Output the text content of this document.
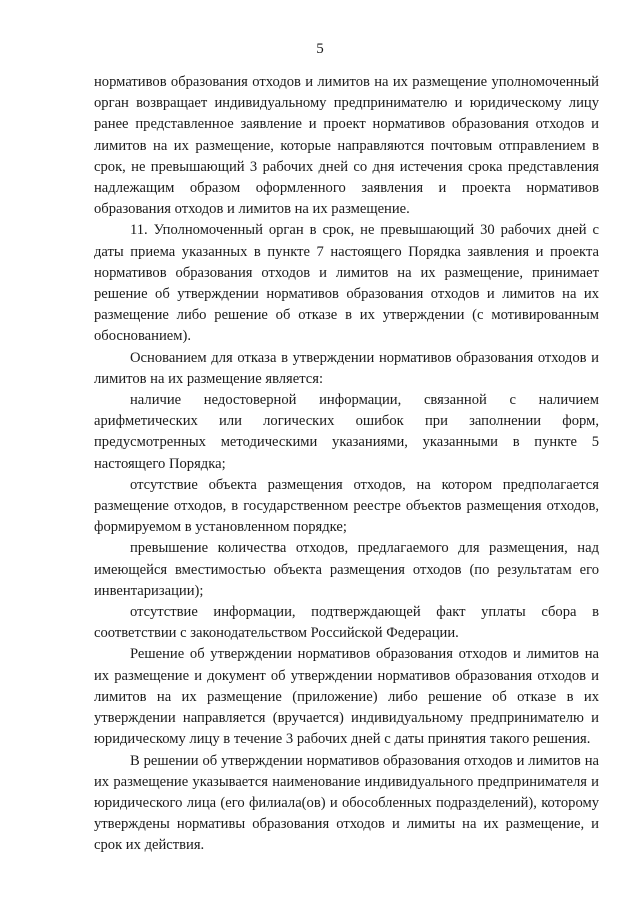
5

нормативов образования отходов и лимитов на их размещение уполномоченный орган возвращает индивидуальному предпринимателю и юридическому лицу ранее представленное заявление и проект нормативов образования отходов и лимитов на их размещение, которые направляются почтовым отправлением в срок, не превышающий 3 рабочих дней со дня истечения срока представления надлежащим образом оформленного заявления и проекта нормативов образования отходов и лимитов на их размещение.

11. Уполномоченный орган в срок, не превышающий 30 рабочих дней с даты приема указанных в пункте 7 настоящего Порядка заявления и проекта нормативов образования отходов и лимитов на их размещение, принимает решение об утверждении нормативов образования отходов и лимитов на их размещение либо решение об отказе в их утверждении (с мотивированным обоснованием).

Основанием для отказа в утверждении нормативов образования отходов и лимитов на их размещение является:

наличие недостоверной информации, связанной с наличием арифметических или логических ошибок при заполнении форм, предусмотренных методическими указаниями, указанными в пункте 5 настоящего Порядка;

отсутствие объекта размещения отходов, на котором предполагается размещение отходов, в государственном реестре объектов размещения отходов, формируемом в установленном порядке;

превышение количества отходов, предлагаемого для размещения, над имеющейся вместимостью объекта размещения отходов (по результатам его инвентаризации);

отсутствие информации, подтверждающей факт уплаты сбора в соответствии с законодательством Российской Федерации.

Решение об утверждении нормативов образования отходов и лимитов на их размещение и документ об утверждении нормативов образования отходов и лимитов на их размещение (приложение) либо решение об отказе в их утверждении направляется (вручается) индивидуальному предпринимателю и юридическому лицу в течение 3 рабочих дней с даты принятия такого решения.

В решении об утверждении нормативов образования отходов и лимитов на их размещение указывается наименование индивидуального предпринимателя и юридического лица (его филиала(ов) и обособленных подразделений), которому утверждены нормативы образования отходов и лимиты на их размещение, и срок их действия.
